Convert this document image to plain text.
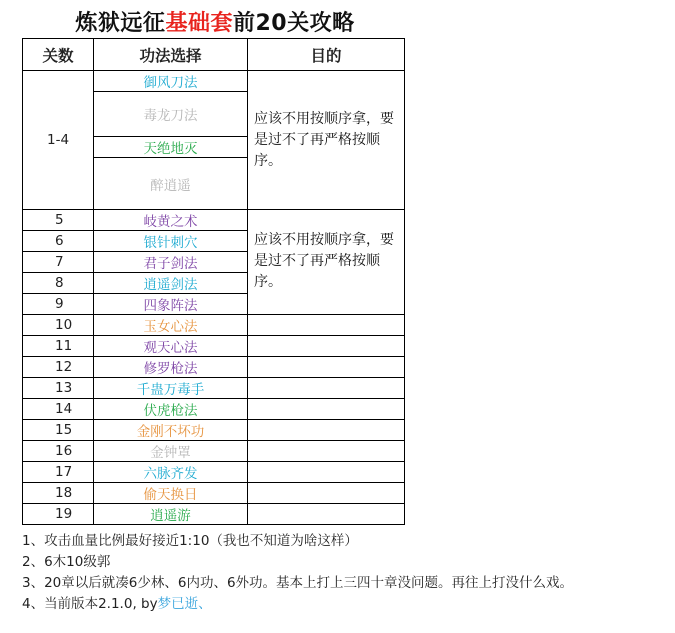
炼狱远征基础套前20关攻略
关数	功法选择	目的
1-4	御风刀法	应该不用按顺序拿，要是过不了再严格按顺序。
	毒龙刀法	
	天绝地灭	
	醉逍遥	
5	岐黄之术	应该不用按顺序拿，要是过不了再严格按顺序。
6	银针刺穴	
7	君子剑法	
8	逍遥剑法	
9	四象阵法	
10	玉女心法	
11	观天心法	
12	修罗枪法	
13	千蛊万毒手	
14	伏虎枪法	
15	金刚不坏功	
16	金钟罩	
17	六脉齐发	
18	偷天换日	
19	逍遥游	
1、攻击血量比例最好接近1:10（我也不知道为啥这样）
2、6木10级郭
3、20章以后就凑6少林、6内功、6外功。基本上打上三四十章没问题。再往上打没什么戏。
4、当前版本2.1.0, by梦已逝、
